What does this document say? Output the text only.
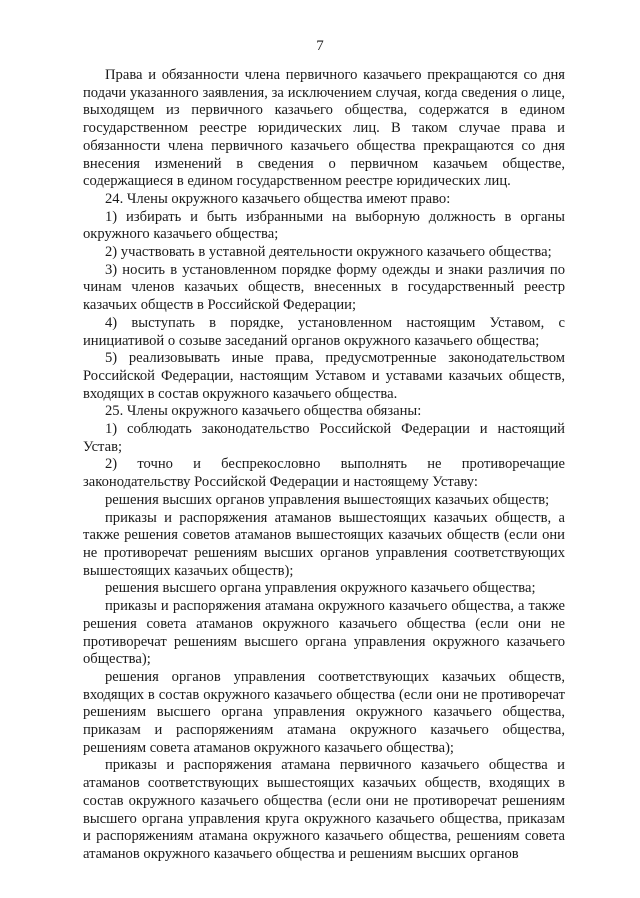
7

Права и обязанности члена первичного казачьего прекращаются со дня подачи указанного заявления, за исключением случая, когда сведения о лице, выходящем из первичного казачьего общества, содержатся в едином государственном реестре юридических лиц. В таком случае права и обязанности члена первичного казачьего общества прекращаются со дня внесения изменений в сведения о первичном казачьем обществе, содержащиеся в едином государственном реестре юридических лиц.

24. Члены окружного казачьего общества имеют право:

1) избирать и быть избранными на выборную должность в органы окружного казачьего общества;

2) участвовать в уставной деятельности окружного казачьего общества;

3) носить в установленном порядке форму одежды и знаки различия по чинам членов казачьих обществ, внесенных в государственный реестр казачьих обществ в Российской Федерации;

4) выступать в порядке, установленном настоящим Уставом, с инициативой о созыве заседаний органов окружного казачьего общества;

5) реализовывать иные права, предусмотренные законодательством Российской Федерации, настоящим Уставом и уставами казачьих обществ, входящих в состав окружного казачьего общества.

25. Члены окружного казачьего общества обязаны:

1) соблюдать законодательство Российской Федерации и настоящий Устав;

2) точно и беспрекословно выполнять не противоречащие законодательству Российской Федерации и настоящему Уставу:

решения высших органов управления вышестоящих казачьих обществ;

приказы и распоряжения атаманов вышестоящих казачьих обществ, а также решения советов атаманов вышестоящих казачьих обществ (если они не противоречат решениям высших органов управления соответствующих вышестоящих казачьих обществ);

решения высшего органа управления окружного казачьего общества;

приказы и распоряжения атамана окружного казачьего общества, а также решения совета атаманов окружного казачьего общества (если они не противоречат решениям высшего органа управления окружного казачьего общества);

решения органов управления соответствующих казачьих обществ, входящих в состав окружного казачьего общества (если они не противоречат решениям высшего органа управления окружного казачьего общества, приказам и распоряжениям атамана окружного казачьего общества, решениям совета атаманов окружного казачьего общества);

приказы и распоряжения атамана первичного казачьего общества и атаманов соответствующих вышестоящих казачьих обществ, входящих в состав окружного казачьего общества (если они не противоречат решениям высшего органа управления круга окружного казачьего общества, приказам и распоряжениям атамана окружного казачьего общества, решениям совета атаманов окружного казачьего общества и решениям высших органов
